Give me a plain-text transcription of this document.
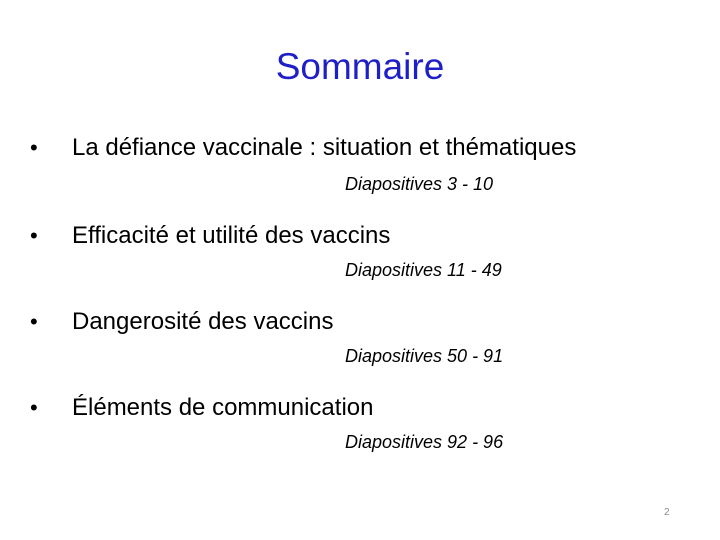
Sommaire
• La défiance vaccinale : situation et thématiques
Diapositives 3 - 10
• Efficacité et utilité des vaccins
Diapositives 11 - 49
• Dangerosité des vaccins
Diapositives 50 - 91
• Éléments de communication
Diapositives 92 - 96
2
